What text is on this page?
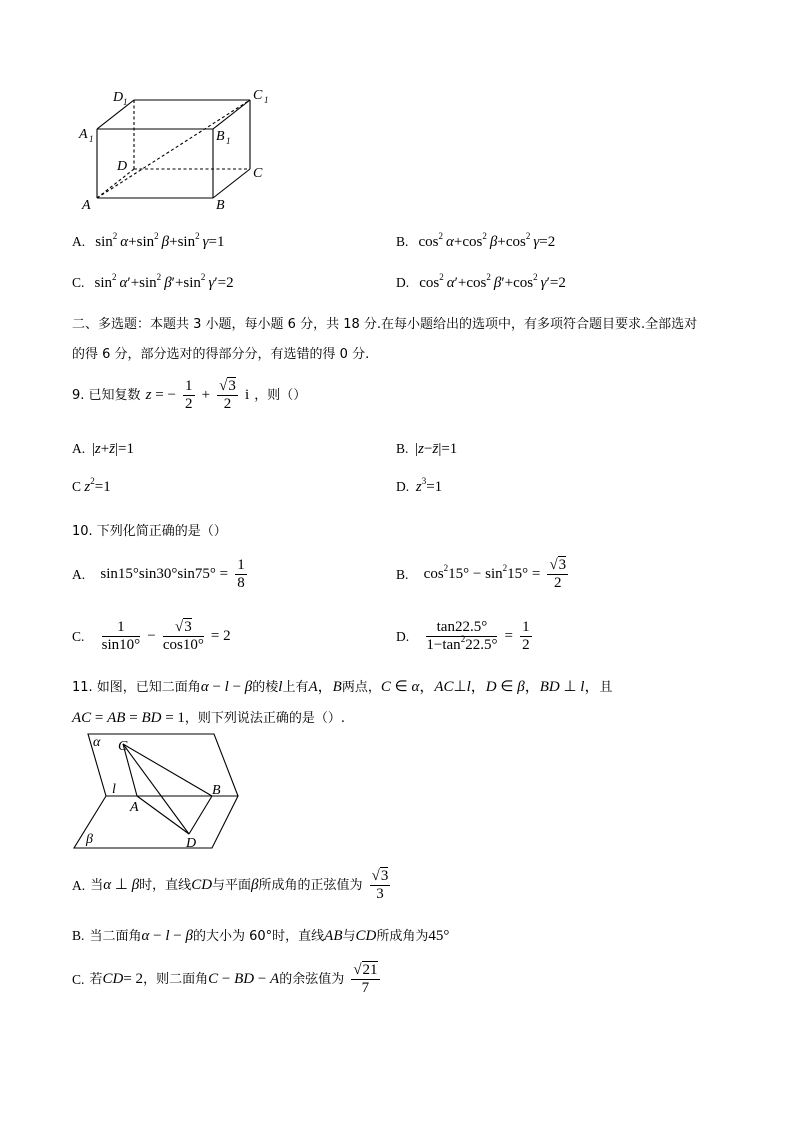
D 1	C 1
A 1	B 1
D	C
A	B
A. $\sin^2 \alpha+\sin^2$  $\beta+\sin^2$  γ=1	B. $\cos^2 \alpha+\cos^2$  $\beta+\cos^2$  γ=2
C. $\sin^2 \alpha'+\sin^2$  $\beta'+\sin^2$  γ′=2	D. $\cos^2 \alpha'+\cos^2$  $\beta'+\cos^2$  γ′=2
二、多选题：本题共 3 小题，每小题 6 分，共 18 分.在每小题给出的选项中，有多项符合题目要求.全部选对
的得 6 分，部分选对的得部分分，有选错的得 0 分.
9. 已知复数 z = − $\frac{1}{2} + \frac{√3}{2}$ i ，则（）
A. |z+z̄|=1	B. |z−z̄|=1
C $z^2=1$	D. $z^3=1$
10. 下列化简正确的是（）
A. $\sin 15^\circ\sin 30^\circ\sin 75^\circ = \frac{1}{8}$	B. $\cos^215^\circ - \sin^215^\circ = \frac{√3}{2}$
C. $\frac{1}{\sin 10^\circ} - \frac{√3}{\cos 10^\circ} = 2$	D. $\frac{\tan 22.5^\circ}{1-\tan^222.5^\circ} = \frac{1}{2}$
11. 如图，已知二面角α − l − β的棱l上有A，B两点，C ∈ α，AC⊥l，D ∈ β，BD ⊥ l，且
AC = AB = BD = 1，则下列说法正确的是（）.
α
β
l
C
A
B
D
A. 当α ⊥ β时，直线CD与平面β所成角的正弦值为 $\frac{√3}{3}$
B. 当二面角α − l − β的大小为 60°时，直线AB与CD所成角为45°
C. 若CD= 2，则二面角C − BD − A的余弦值为 $\frac{√21}{7}$
